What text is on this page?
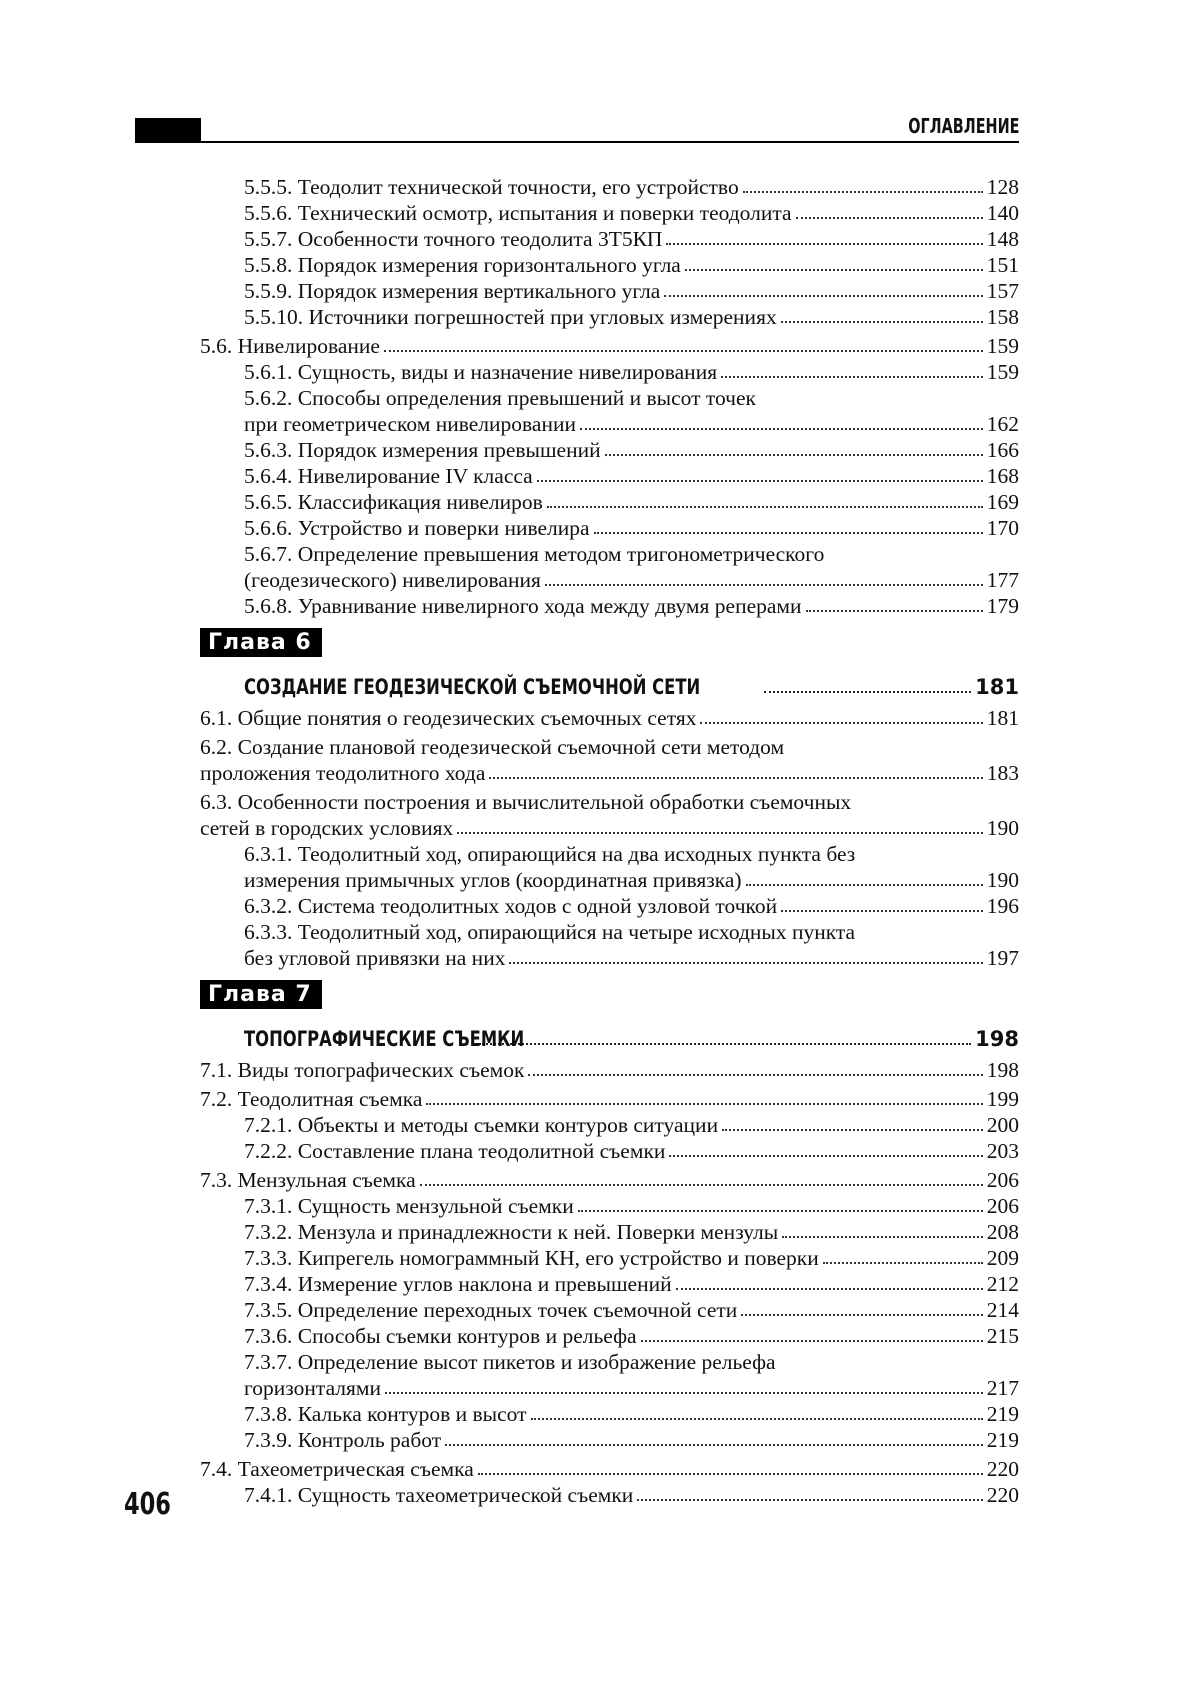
ОГЛАВЛЕНИЕ
406
5.5.5. Теодолит технической точности, его устройство	128
5.5.6. Технический осмотр, испытания и поверки теодолита	140
5.5.7. Особенности точного теодолита 3Т5КП	148
5.5.8. Порядок измерения горизонтального угла	151
5.5.9. Порядок измерения вертикального угла	157
5.5.10. Источники погрешностей при угловых измерениях	158
5.6. Нивелирование	159
5.6.1. Сущность, виды и назначение нивелирования	159
5.6.2. Способы определения превышений и высот точек
при геометрическом нивелировании	162
5.6.3. Порядок измерения превышений	166
5.6.4. Нивелирование IV класса	168
5.6.5. Классификация нивелиров	169
5.6.6. Устройство и поверки нивелира	170
5.6.7. Определение превышения методом тригонометрического
(геодезического) нивелирования	177
5.6.8. Уравнивание нивелирного хода между двумя реперами	179
Глава 6
СОЗДАНИЕ ГЕОДЕЗИЧЕСКОЙ СЪЕМОЧНОЙ СЕТИ	181
6.1. Общие понятия о геодезических съемочных сетях	181
6.2. Создание плановой геодезической съемочной сети методом
проложения теодолитного хода	183
6.3. Особенности построения и вычислительной обработки съемочных
сетей в городских условиях	190
6.3.1. Теодолитный ход, опирающийся на два исходных пункта без
измерения примычных углов (координатная привязка)	190
6.3.2. Система теодолитных ходов с одной узловой точкой	196
6.3.3. Теодолитный ход, опирающийся на четыре исходных пункта
без угловой привязки на них	197
Глава 7
ТОПОГРАФИЧЕСКИЕ СЪЕМКИ	198
7.1. Виды топографических съемок	198
7.2. Теодолитная съемка	199
7.2.1. Объекты и методы съемки контуров ситуации	200
7.2.2. Составление плана теодолитной съемки	203
7.3. Мензульная съемка	206
7.3.1. Сущность мензульной съемки	206
7.3.2. Мензула и принадлежности к ней. Поверки мензулы	208
7.3.3. Кипрегель номограммный КН, его устройство и поверки	209
7.3.4. Измерение углов наклона и превышений	212
7.3.5. Определение переходных точек съемочной сети	214
7.3.6. Способы съемки контуров и рельефа	215
7.3.7. Определение высот пикетов и изображение рельефа
горизонталями	217
7.3.8. Калька контуров и высот	219
7.3.9. Контроль работ	219
7.4. Тахеометрическая съемка	220
7.4.1. Сущность тахеометрической съемки	220
